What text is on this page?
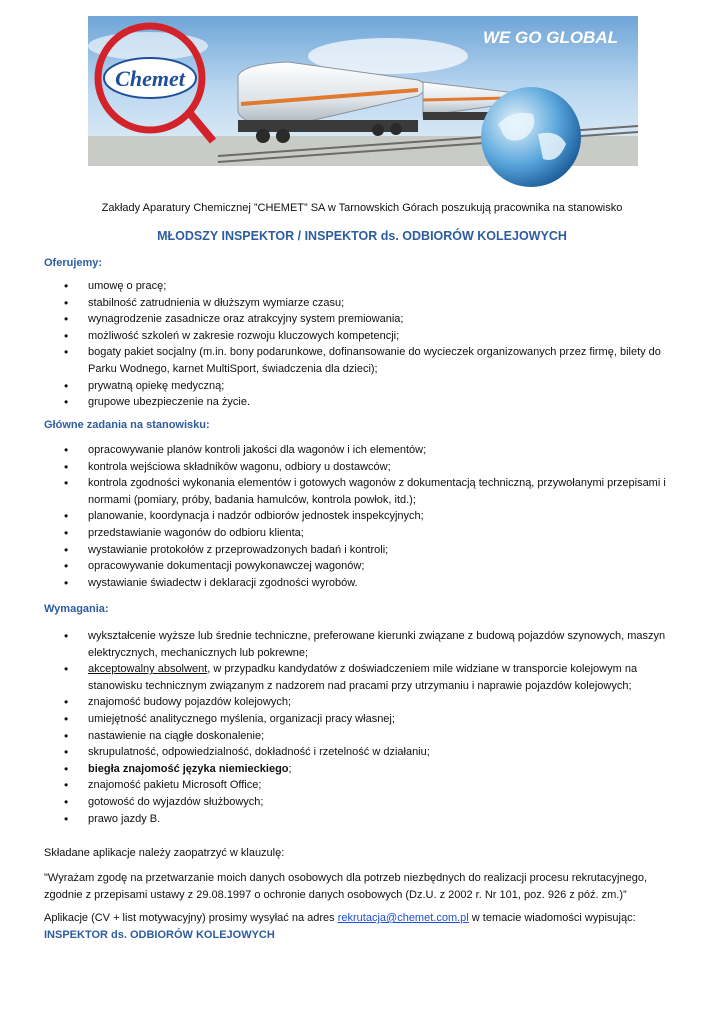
Chemet
WE GO GLOBAL
Zakłady Aparatury Chemicznej ”CHEMET” SA w Tarnowskich Górach poszukują pracownika na stanowisko
MŁODSZY INSPEKTOR / INSPEKTOR ds. ODBIORÓW KOLEJOWYCH
Oferujemy:
• umowę o pracę;
• stabilność zatrudnienia w dłuższym wymiarze czasu;
• wynagrodzenie zasadnicze oraz atrakcyjny system premiowania;
• możliwość szkoleń w zakresie rozwoju kluczowych kompetencji;
• bogaty pakiet socjalny (m.in. bony podarunkowe, dofinansowanie do wycieczek organizowanych przez firmę, bilety do Parku Wodnego, karnet MultiSport, świadczenia dla dzieci);
• prywatną opiekę medyczną;
• grupowe ubezpieczenie na życie.
Główne zadania na stanowisku:
• opracowywanie planów kontroli jakości dla wagonów i ich elementów;
• kontrola wejściowa składników wagonu, odbiory u dostawców;
• kontrola zgodności wykonania elementów i gotowych wagonów z dokumentacją techniczną, przywołanymi przepisami i normami (pomiary, próby, badania hamulców, kontrola powłok, itd.);
• planowanie, koordynacja i nadzór odbiorów jednostek inspekcyjnych;
• przedstawianie wagonów do odbioru klienta;
• wystawianie protokołów z przeprowadzonych badań i kontroli;
• opracowywanie dokumentacji powykonawczej wagonów;
• wystawianie świadectw i deklaracji zgodności wyrobów.
Wymagania:
• wykształcenie wyższe lub średnie techniczne, preferowane kierunki związane z budową pojazdów szynowych, maszyn elektrycznych, mechanicznych lub pokrewne;
• akceptowalny absolwent, w przypadku kandydatów z doświadczeniem mile widziane w transporcie kolejowym na stanowisku technicznym związanym z nadzorem nad pracami przy utrzymaniu i naprawie pojazdów kolejowych;
• znajomość budowy pojazdów kolejowych;
• umiejętność analitycznego myślenia, organizacji pracy własnej;
• nastawienie na ciągłe doskonalenie;
• skrupulatność, odpowiedzialność, dokładność i rzetelność w działaniu;
• biegła znajomość języka niemieckiego;
• znajomość pakietu Microsoft Office;
• gotowość do wyjazdów służbowych;
• prawo jazdy B.
Składane aplikacje należy zaopatrzyć w klauzulę:
"Wyrażam zgodę na przetwarzanie moich danych osobowych dla potrzeb niezbędnych do realizacji procesu rekrutacyjnego, zgodnie z przepisami ustawy z 29.08.1997 o ochronie danych osobowych (Dz.U. z 2002 r. Nr 101, poz. 926 z póź. zm.)”
Aplikacje (CV + list motywacyjny) prosimy wysyłać na adres rekrutacja@chemet.com.pl w temacie wiadomości wypisując:
INSPEKTOR ds. ODBIORÓW KOLEJOWYCH
